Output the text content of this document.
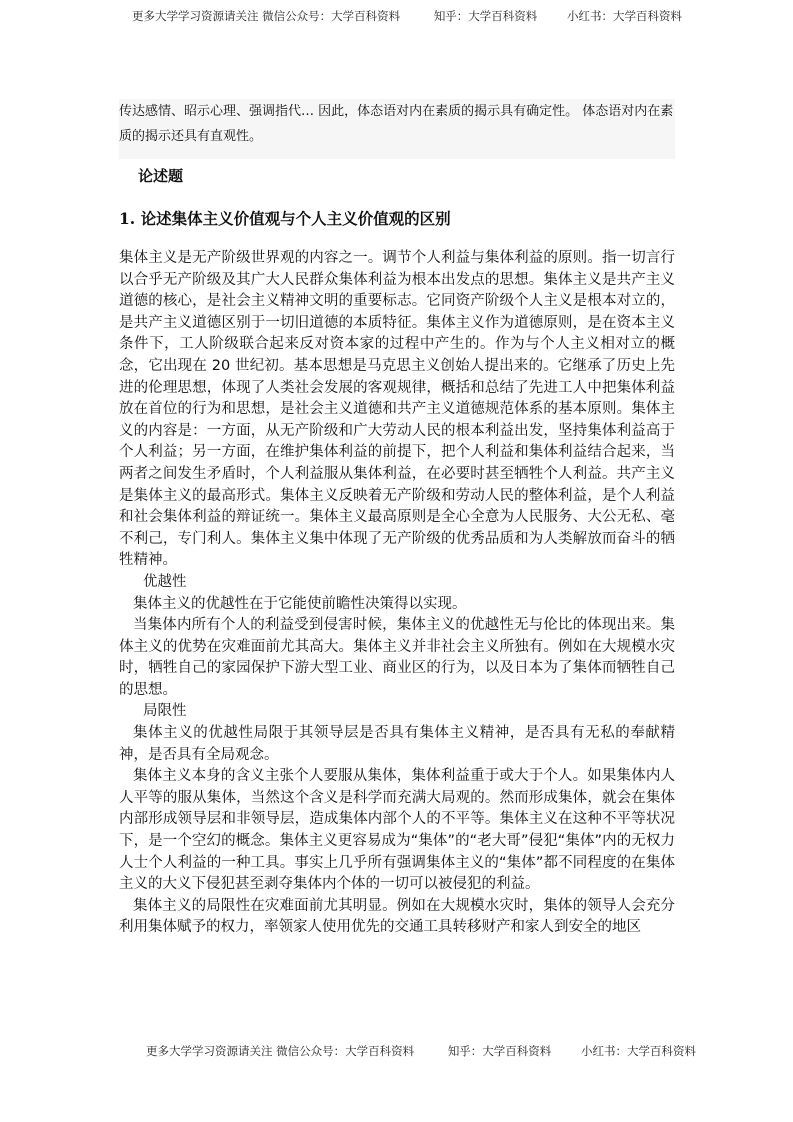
更多大学学习资源请关注 微信公众号：大学百科资料	知乎：大学百科资料	小红书：大学百科资料
传达感情、昭示心理、强调指代… 因此，体态语对内在素质的揭示具有确定性。 体态语对内在素质的揭示还具有直观性。
论述题
1. 论述集体主义价值观与个人主义价值观的区别

集体主义是无产阶级世界观的内容之一。调节个人利益与集体利益的原则。指一切言行以合乎无产阶级及其广大人民群众集体利益为根本出发点的思想。集体主义是共产主义道德的核心，是社会主义精神文明的重要标志。它同资产阶级个人主义是根本对立的，是共产主义道德区别于一切旧道德的本质特征。集体主义作为道德原则，是在资本主义条件下，工人阶级联合起来反对资本家的过程中产生的。作为与个人主义相对立的概念，它出现在 20 世纪初。基本思想是马克思主义创始人提出来的。它继承了历史上先进的伦理思想，体现了人类社会发展的客观规律，概括和总结了先进工人中把集体利益放在首位的行为和思想，是社会主义道德和共产主义道德规范体系的基本原则。集体主义的内容是：一方面，从无产阶级和广大劳动人民的根本利益出发，坚持集体利益高于个人利益；另一方面，在维护集体利益的前提下，把个人利益和集体利益结合起来，当两者之间发生矛盾时，个人利益服从集体利益，在必要时甚至牺牲个人利益。共产主义是集体主义的最高形式。集体主义反映着无产阶级和劳动人民的整体利益，是个人利益和社会集体利益的辩证统一。集体主义最高原则是全心全意为人民服务、大公无私、毫不利己，专门利人。集体主义集中体现了无产阶级的优秀品质和为人类解放而奋斗的牺牲精神。

优越性

集体主义的优越性在于它能使前瞻性决策得以实现。

当集体内所有个人的利益受到侵害时候，集体主义的优越性无与伦比的体现出来。集体主义的优势在灾难面前尤其高大。集体主义并非社会主义所独有。例如在大规模水灾时，牺牲自己的家园保护下游大型工业、商业区的行为，以及日本为了集体而牺牲自己的思想。

局限性

集体主义的优越性局限于其领导层是否具有集体主义精神，是否具有无私的奉献精神，是否具有全局观念。

集体主义本身的含义主张个人要服从集体，集体利益重于或大于个人。如果集体内人人平等的服从集体，当然这个含义是科学而充满大局观的。然而形成集体，就会在集体内部形成领导层和非领导层，造成集体内部个人的不平等。集体主义在这种不平等状况下，是一个空幻的概念。集体主义更容易成为“集体”的“老大哥”侵犯“集体”内的无权力人士个人利益的一种工具。事实上几乎所有强调集体主义的“集体”都不同程度的在集体主义的大义下侵犯甚至剥夺集体内个体的一切可以被侵犯的利益。

集体主义的局限性在灾难面前尤其明显。例如在大规模水灾时，集体的领导人会充分利用集体赋予的权力，率领家人使用优先的交通工具转移财产和家人到安全的地区

更多大学学习资源请关注 微信公众号：大学百科资料	知乎：大学百科资料	小红书：大学百科资料
